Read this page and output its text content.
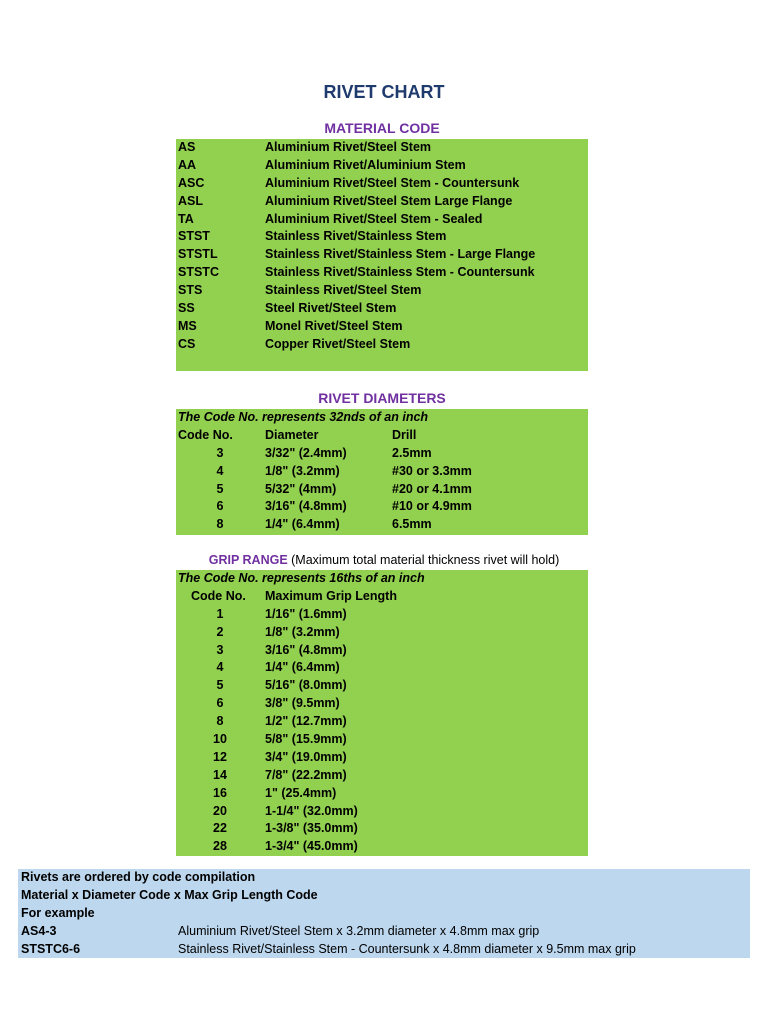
RIVET CHART
MATERIAL CODE
AS	Aluminium Rivet/Steel Stem
AA	Aluminium Rivet/Aluminium Stem
ASC	Aluminium Rivet/Steel Stem - Countersunk
ASL	Aluminium Rivet/Steel Stem Large Flange
TA	Aluminium Rivet/Steel Stem - Sealed
STST	Stainless Rivet/Stainless Stem
STSTL	Stainless Rivet/Stainless Stem - Large Flange
STSTC	Stainless Rivet/Stainless Stem - Countersunk
STS	Stainless Rivet/Steel Stem
SS	Steel Rivet/Steel Stem
MS	Monel Rivet/Steel Stem
CS	Copper Rivet/Steel Stem
RIVET DIAMETERS
The Code No. represents 32nds of an inch
Code No.	Diameter	Drill
3	3/32" (2.4mm)	2.5mm
4	1/8" (3.2mm)	#30 or 3.3mm
5	5/32" (4mm)	#20 or 4.1mm
6	3/16" (4.8mm)	#10 or 4.9mm
8	1/4" (6.4mm)	6.5mm
GRIP RANGE (Maximum total material thickness rivet will hold)
The Code No. represents 16ths of an inch
Code No. Maximum Grip Length
1	1/16" (1.6mm)
2	1/8" (3.2mm)
3	3/16" (4.8mm)
4	1/4" (6.4mm)
5	5/16" (8.0mm)
6	3/8" (9.5mm)
8	1/2" (12.7mm)
10	5/8" (15.9mm)
12	3/4" (19.0mm)
14	7/8" (22.2mm)
16	1" (25.4mm)
20	1-1/4" (32.0mm)
22	1-3/8" (35.0mm)
28	1-3/4" (45.0mm)
Rivets are ordered by code compilation
Material x Diameter Code x Max Grip Length Code
For example
AS4-3	Aluminium Rivet/Steel Stem x 3.2mm diameter x 4.8mm max grip
STSTC6-6	Stainless Rivet/Stainless Stem - Countersunk x 4.8mm diameter x 9.5mm max grip
